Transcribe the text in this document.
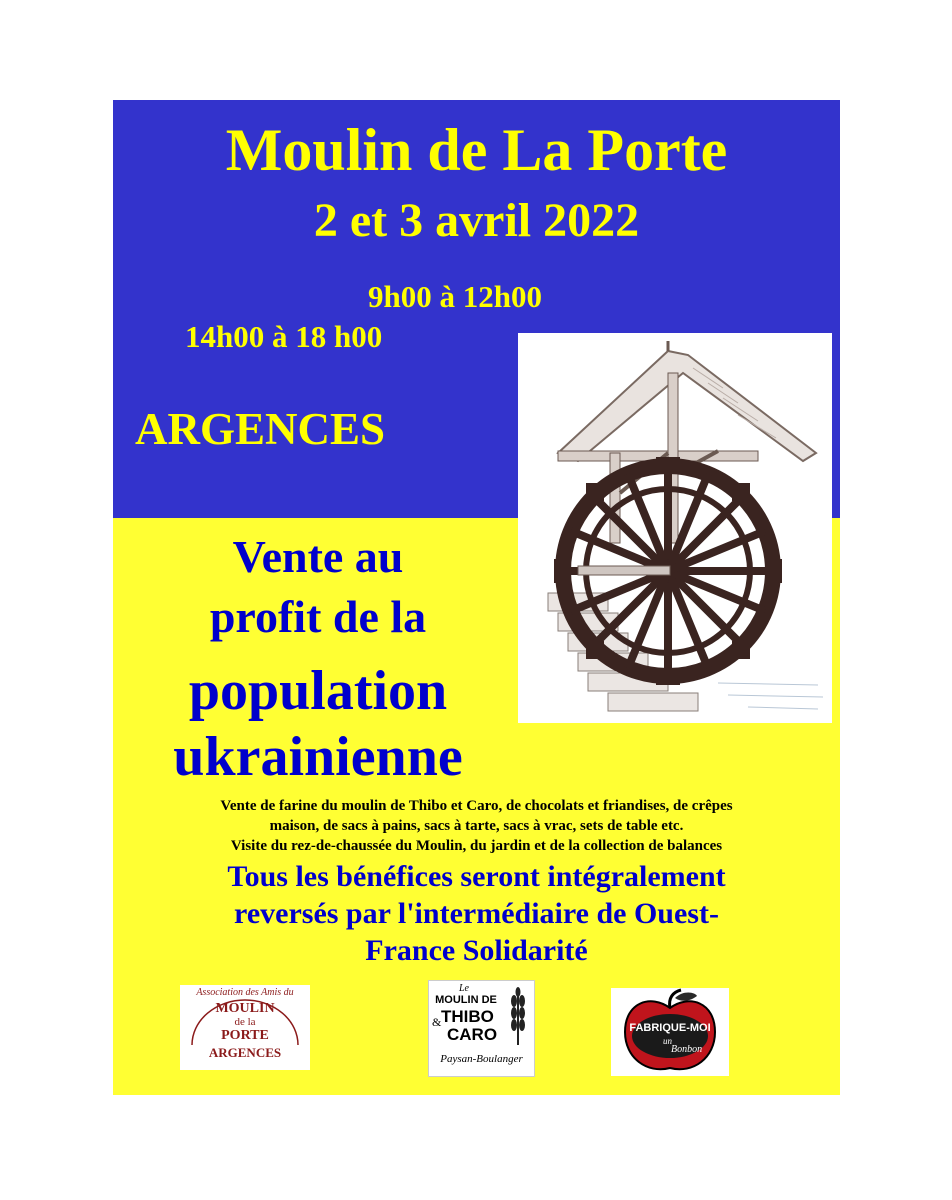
Moulin de La Porte
2 et 3 avril 2022
9h00 à 12h00
14h00 à 18 h00
ARGENCES
Vente au
profit de la
population
ukrainienne
Vente de farine du moulin de Thibo et Caro, de chocolats et friandises, de crêpes
maison, de sacs à pains, sacs à tarte, sacs à vrac, sets de table etc.
Visite du rez-de-chaussée du Moulin, du jardin et de la collection de balances
Tous les bénéfices seront intégralement
reversés par l'intermédiaire de Ouest-
France Solidarité
Association des Amis du
MOULIN
de la
PORTE
ARGENCES
Le
MOULIN DE
& THIBO
CARO
Paysan-Boulanger
FABRIQUE-MOI
un
Bonbon
